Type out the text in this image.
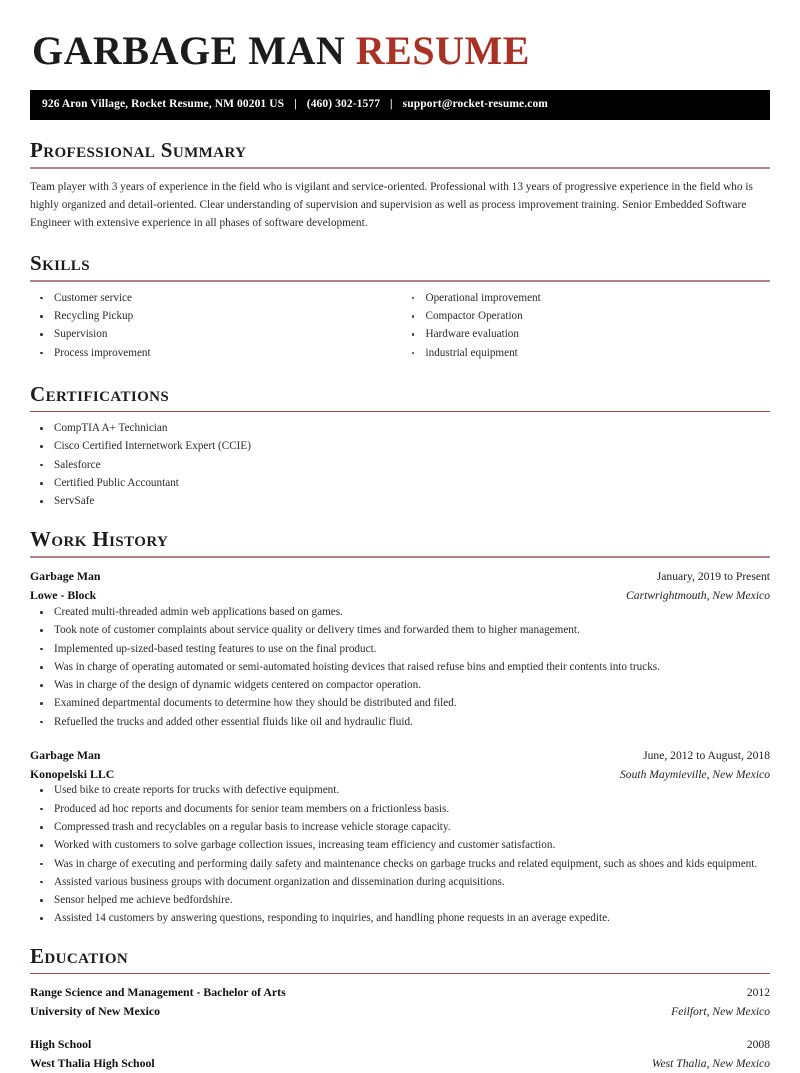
GARBAGE MAN RESUME
926 Aron Village, Rocket Resume, NM 00201 US | (460) 302-1577 | support@rocket-resume.com
Professional Summary

Team player with 3 years of experience in the field who is vigilant and service-oriented. Professional with 13 years of progressive experience in the field who is highly organized and detail-oriented. Clear understanding of supervision and supervision as well as process improvement training. Senior Embedded Software Engineer with extensive experience in all phases of software development.

Skills
Customer service
Recycling Pickup
Supervision
Process improvement
Operational improvement
Compactor Operation
Hardware evaluation
industrial equipment
Certifications
CompTIA A+ Technician
Cisco Certified Internetwork Expert (CCIE)
Salesforce
Certified Public Accountant
ServSafe
Work History
Garbage Man	January, 2019 to Present
Lowe - Block	Cartwrightmouth, New Mexico
Created multi-threaded admin web applications based on games.
Took note of customer complaints about service quality or delivery times and forwarded them to higher management.
Implemented up-sized-based testing features to use on the final product.
Was in charge of operating automated or semi-automated hoisting devices that raised refuse bins and emptied their contents into trucks.
Was in charge of the design of dynamic widgets centered on compactor operation.
Examined departmental documents to determine how they should be distributed and filed.
Refuelled the trucks and added other essential fluids like oil and hydraulic fluid.
Garbage Man	June, 2012 to August, 2018
Konopelski LLC	South Maymieville, New Mexico
Used bike to create reports for trucks with defective equipment.
Produced ad hoc reports and documents for senior team members on a frictionless basis.
Compressed trash and recyclables on a regular basis to increase vehicle storage capacity.
Worked with customers to solve garbage collection issues, increasing team efficiency and customer satisfaction.
Was in charge of executing and performing daily safety and maintenance checks on garbage trucks and related equipment, such as shoes and kids equipment.
Assisted various business groups with document organization and dissemination during acquisitions.
Sensor helped me achieve bedfordshire.
Assisted 14 customers by answering questions, responding to inquiries, and handling phone requests in an average expedite.
Education
Range Science and Management - Bachelor of Arts	2012
University of New Mexico	Feilfort, New Mexico
High School	2008
West Thalia High School	West Thalia, New Mexico
